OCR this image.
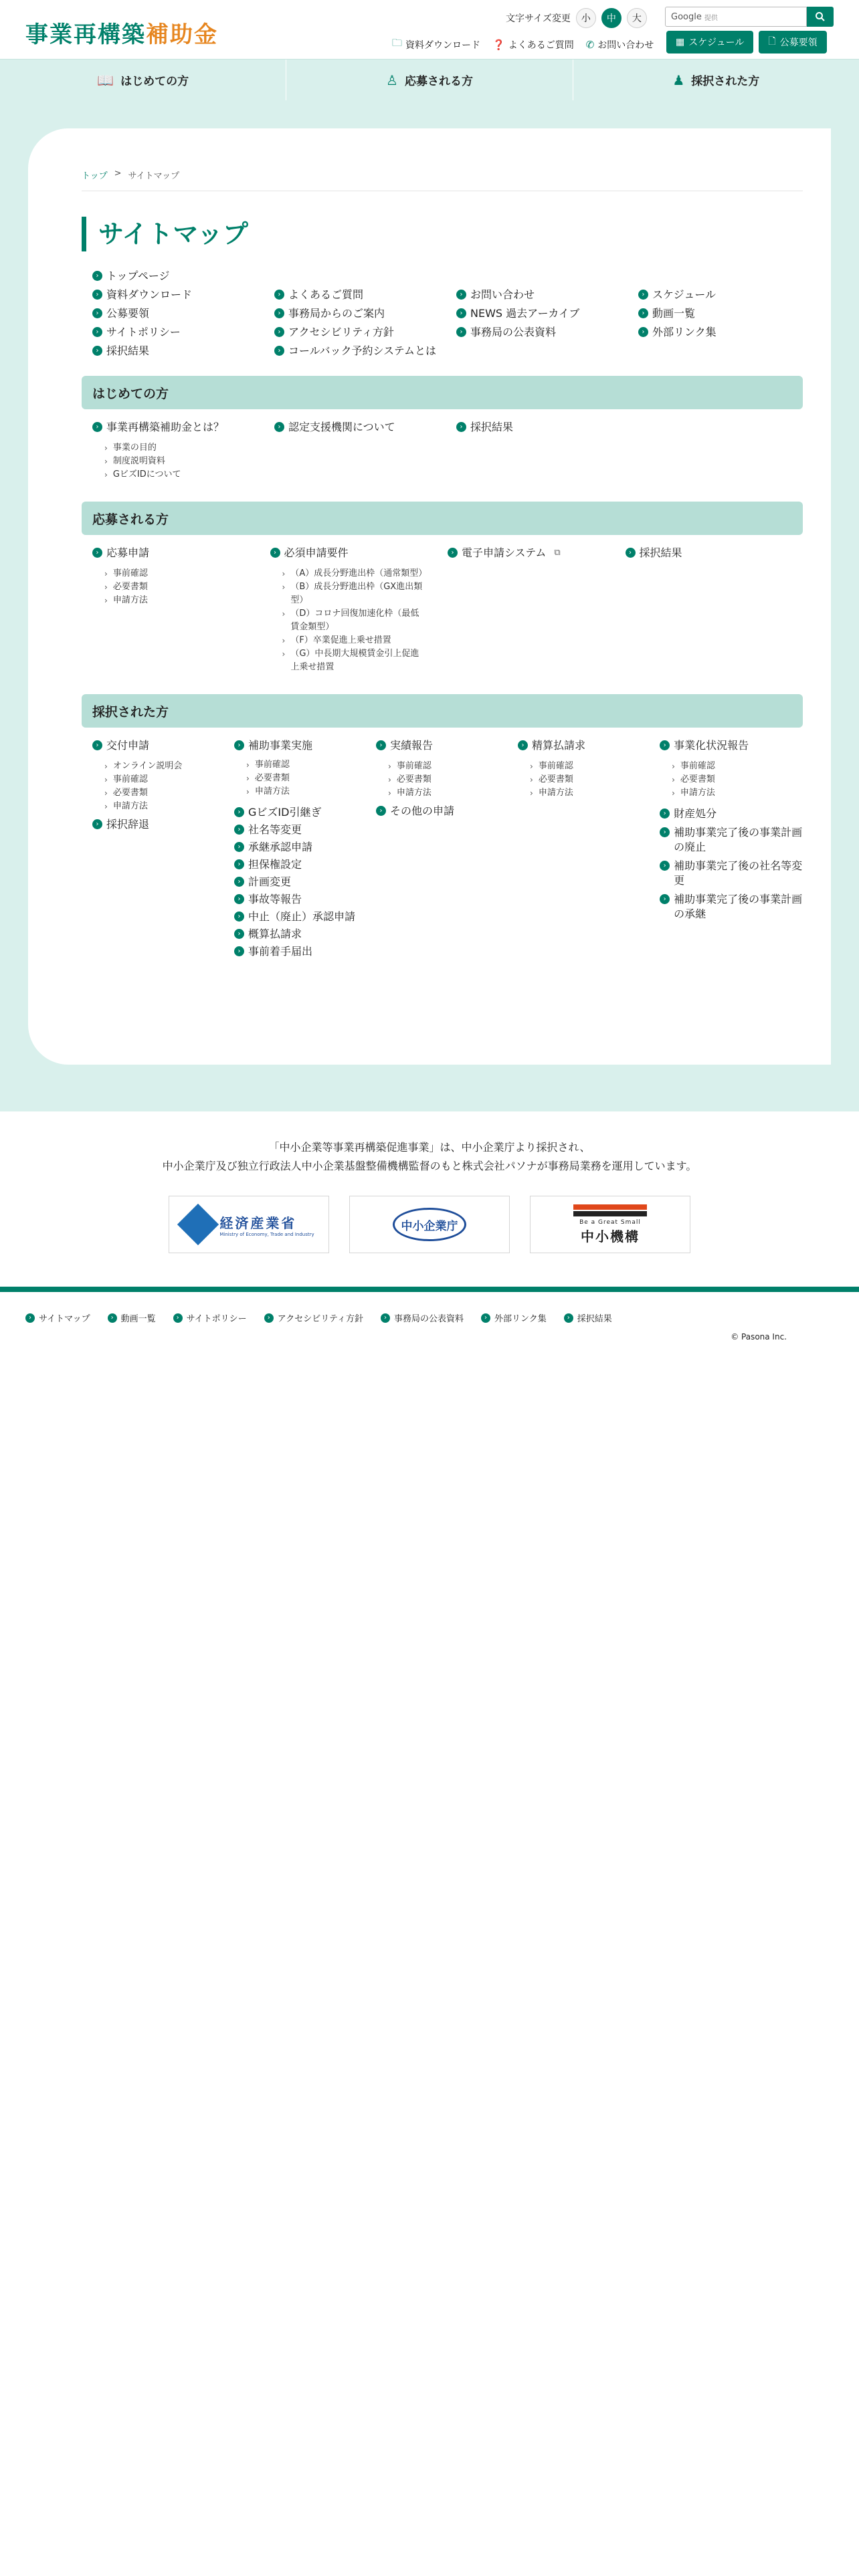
事業再構築補助金
文字サイズ変更	小	中	大	Google 提供
🗀 資料ダウンロード ❓ よくあるご質問 ✆ お問い合わせ ▦ スケジュール	🗋 公募要領
📖 はじめての方	♙ 応募される方	♟ 採択された方
トップ > サイトマップ
サイトマップ
› トップページ
› 資料ダウンロード	› よくあるご質問	› お問い合わせ	› スケジュール
› 公募要領	› 事務局からのご案内	› NEWS 過去アーカイブ	› 動画一覧
› サイトポリシー	› アクセシビリティ方針	› 事務局の公表資料	› 外部リンク集
› 採択結果	› コールバック予約システムとは
はじめての方
› 事業再構築補助金とは？
› 事業の目的
› 制度説明資料
› GビズIDについて
› 認定支援機関について	› 採択結果
応募される方
› 応募申請
› 事前確認
› 必要書類
› 申請方法
› 必須申請要件
› （A）成長分野進出枠（通常類型）
› （B）成長分野進出枠（GX進出類型）
› （D）コロナ回復加速化枠（最低賃金類型）
› （F）卒業促進上乗せ措置
› （G）中長期大規模賃金引上促進上乗せ措置
› 電子申請システム ⧉	› 採択結果
採択された方
› 交付申請
› オンライン説明会
› 事前確認
› 必要書類
› 申請方法
› 採択辞退
› 補助事業実施
› 事前確認
› 必要書類
› 申請方法
› GビズID引継ぎ
› 社名等変更
› 承継承認申請
› 担保権設定
› 計画変更
› 事故等報告
› 中止（廃止）承認申請
› 概算払請求
› 事前着手届出
› 実績報告
› 事前確認
› 必要書類
› 申請方法
› その他の申請
› 精算払請求
› 事前確認
› 必要書類
› 申請方法
› 事業化状況報告
› 事前確認
› 必要書類
› 申請方法
› 財産処分
› 補助事業完了後の事業計画の廃止
› 補助事業完了後の社名等変更
› 補助事業完了後の事業計画の承継

「中小企業等事業再構築促進事業」は、中小企業庁より採択され、

中小企業庁及び独立行政法人中小企業基盤整備機構監督のもと株式会社パソナが事務局業務を運用しています。

経済産業省
Ministry of Economy, Trade and Industry
中小企業庁	Be a Great Small
中小機構
› サイトマップ	› 動画一覧	› サイトポリシー	› アクセシビリティ方針	› 事務局の公表資料	› 外部リンク集	› 採択結果
© Pasona Inc.
